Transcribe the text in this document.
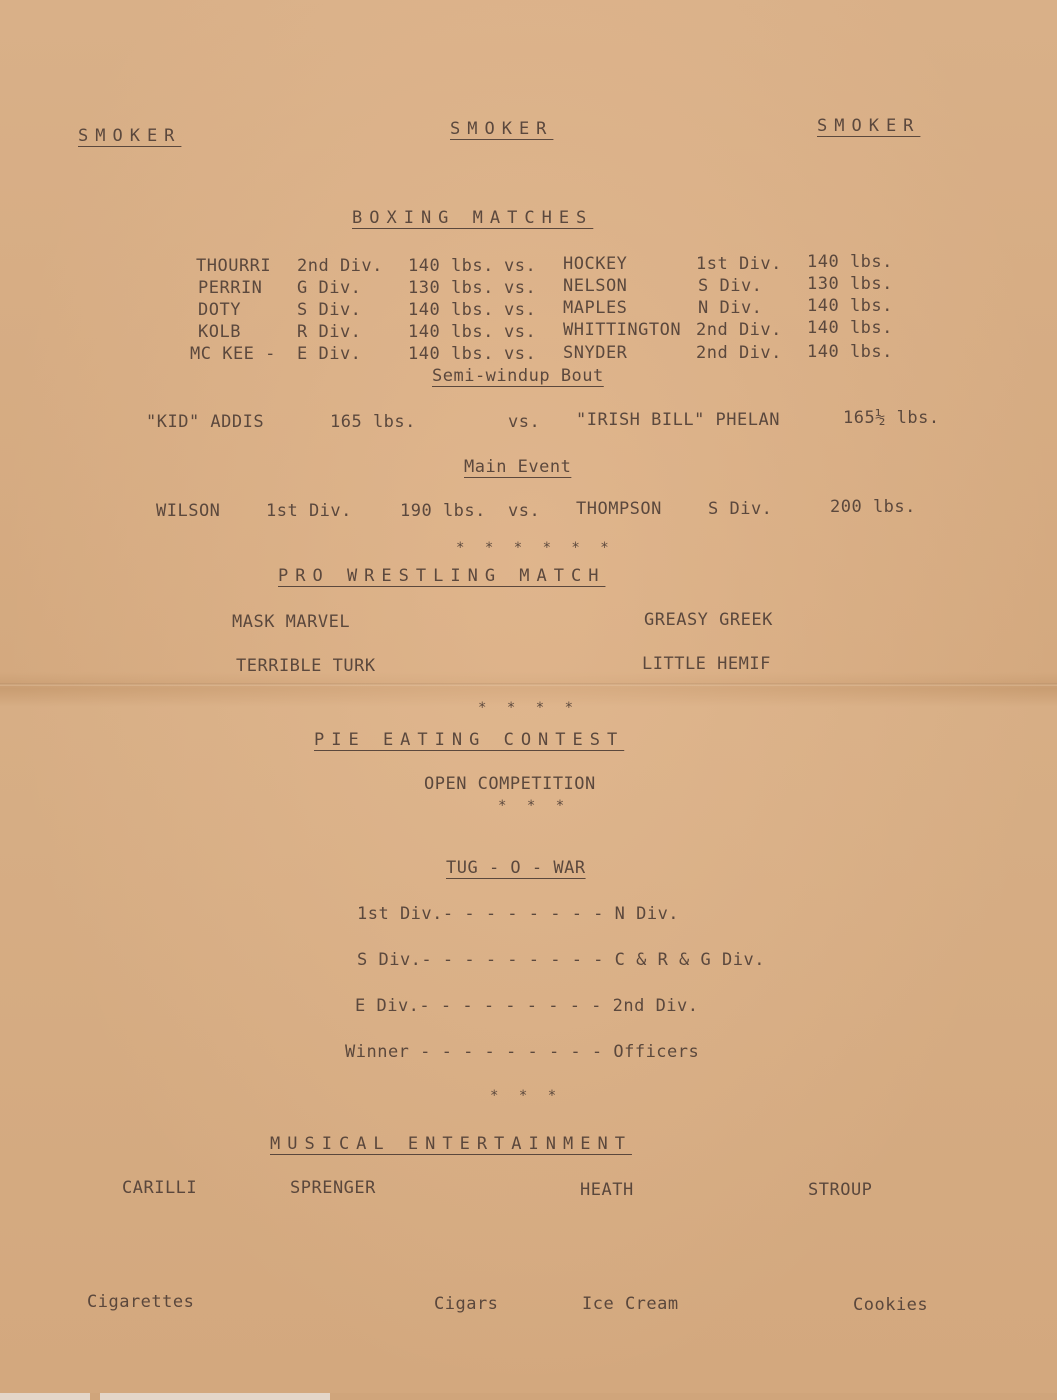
SMOKER	SMOKER	SMOKER
BOXING MATCHES
THOURRI 2nd Div. 140 lbs. vs. HOCKEY	1st Div. 140 lbs.
PERRIN G Div.	130 lbs. vs. NELSON	S Div.	130 lbs.
DOTY	S Div.	140 lbs. vs. MAPLES	N Div.	140 lbs.
KOLB	R Div.	140 lbs. vs. WHITTINGTON 2nd Div. 140 lbs.
MC KEE - E Div.	140 lbs. vs. SNYDER	2nd Div. 140 lbs.
Semi-windup Bout
"KID" ADDIS	165 lbs.	vs. "IRISH BILL" PHELAN	165½ lbs.
Main Event
WILSON	1st Div.	190 lbs. vs. THOMPSON	S Div.	200 lbs.
* * * * * *
PRO WRESTLING MATCH
MASK MARVEL	GREASY GREEK
TERRIBLE TURK	LITTLE HEMIF
* * * *
PIE EATING CONTEST
OPEN COMPETITION
* * *
TUG - O - WAR
1st Div.- - - - - - - - N Div.
S Div.- - - - - - - - - C & R & G Div.
E Div.- - - - - - - - - 2nd Div.
Winner - - - - - - - - - Officers
* * *
MUSICAL ENTERTAINMENT
CARILLI	SPRENGER	HEATH	STROUP
Cigarettes	Cigars	Ice Cream	Cookies
